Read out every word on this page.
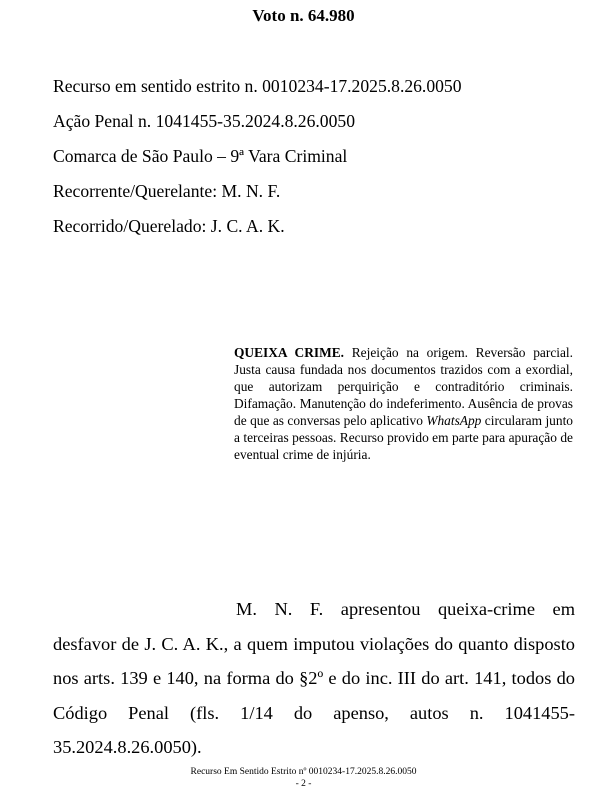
Voto n. 64.980
Recurso em sentido estrito n. 0010234-17.2025.8.26.0050
Ação Penal n. 1041455-35.2024.8.26.0050
Comarca de São Paulo – 9ª Vara Criminal
Recorrente/Querelante: M. N. F.
Recorrido/Querelado: J. C. A. K.
QUEIXA CRIME. Rejeição na origem. Reversão parcial. Justa causa fundada nos documentos trazidos com a exordial, que autorizam perquirição e contraditório criminais. Difamação. Manutenção do indeferimento. Ausência de provas de que as conversas pelo aplicativo WhatsApp circularam junto a terceiras pessoas. Recurso provido em parte para apuração de eventual crime de injúria.
M. N. F. apresentou queixa-crime em desfavor de J. C. A. K., a quem imputou violações do quanto disposto nos arts. 139 e 140, na forma do §2º e do inc. III do art. 141, todos do Código Penal (fls. 1/14 do apenso, autos n. 1041455-35.2024.8.26.0050).
Recurso Em Sentido Estrito nº 0010234-17.2025.8.26.0050
- 2 -
